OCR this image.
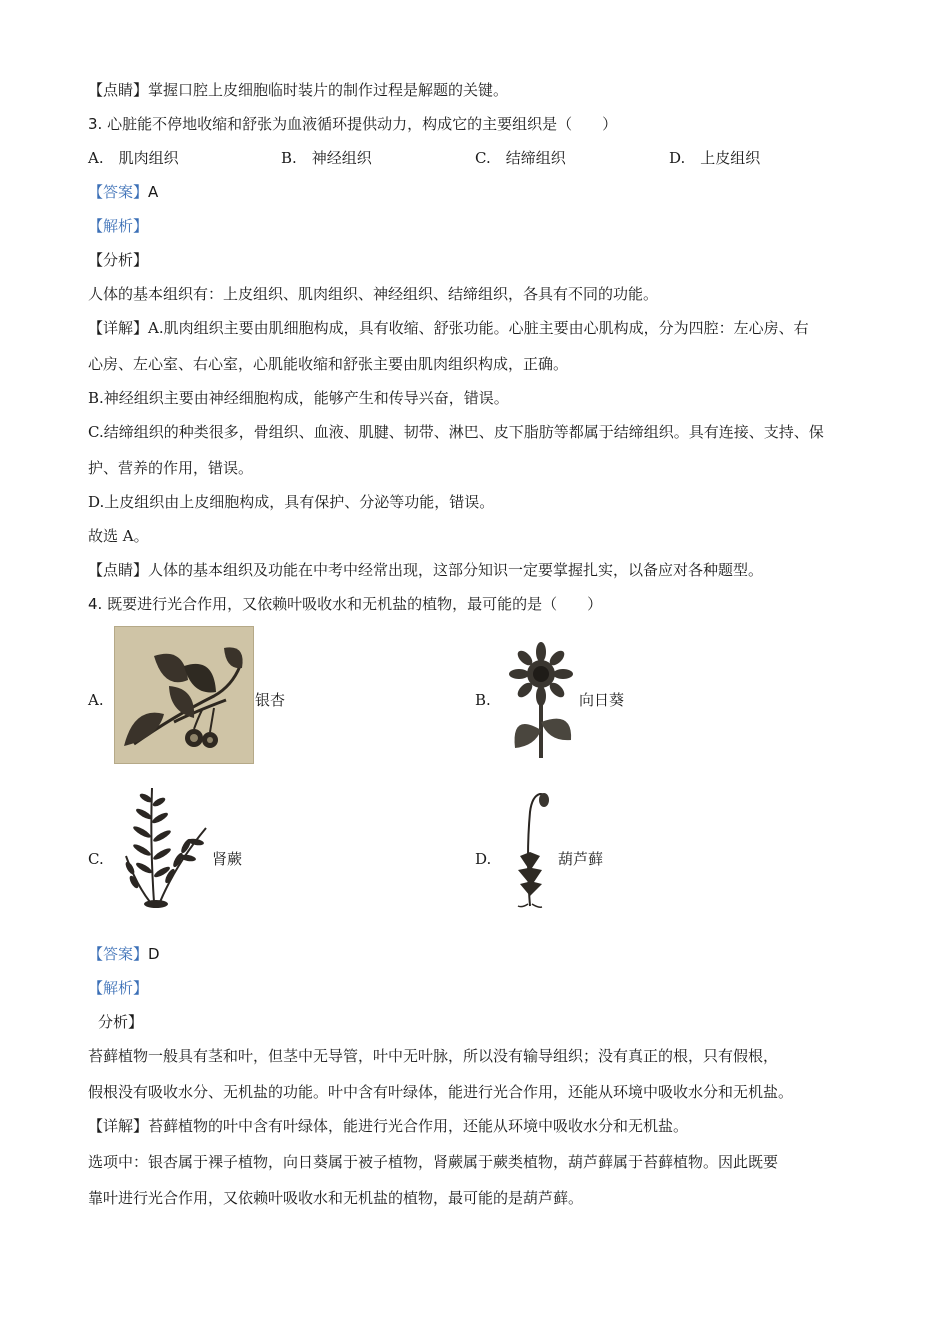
【点睛】掌握口腔上皮细胞临时装片的制作过程是解题的关键。
3. 心脏能不停地收缩和舒张为血液循环提供动力，构成它的主要组织是（　　）
A.　肌肉组织	B.　神经组织	C.　结缔组织	D.　上皮组织
【答案】A
【解析】
【分析】
人体的基本组织有：上皮组织、肌肉组织、神经组织、结缔组织，各具有不同的功能。
【详解】A.肌肉组织主要由肌细胞构成，具有收缩、舒张功能。心脏主要由心肌构成，分为四腔：左心房、右
心房、左心室、右心室，心肌能收缩和舒张主要由肌肉组织构成，正确。
B.神经组织主要由神经细胞构成，能够产生和传导兴奋，错误。
C.结缔组织的种类很多，骨组织、血液、肌腱、韧带、淋巴、皮下脂肪等都属于结缔组织。具有连接、支持、保
护、营养的作用，错误。
D.上皮组织由上皮细胞构成，具有保护、分泌等功能，错误。
故选 A。
【点睛】人体的基本组织及功能在中考中经常出现，这部分知识一定要掌握扎实，以备应对各种题型。
4. 既要进行光合作用，又依赖叶吸收水和无机盐的植物，最可能的是（　　）
A.	银杏	B.	向日葵
C.	肾蕨	D.	葫芦藓
【答案】D
【解析】
分析】
苔藓植物一般具有茎和叶，但茎中无导管，叶中无叶脉，所以没有输导组织；没有真正的根，只有假根，
假根没有吸收水分、无机盐的功能。叶中含有叶绿体，能进行光合作用，还能从环境中吸收水分和无机盐。
【详解】苔藓植物的叶中含有叶绿体，能进行光合作用，还能从环境中吸收水分和无机盐。
选项中：银杏属于裸子植物，向日葵属于被子植物，肾蕨属于蕨类植物，葫芦藓属于苔藓植物。因此既要
靠叶进行光合作用，又依赖叶吸收水和无机盐的植物，最可能的是葫芦藓。
